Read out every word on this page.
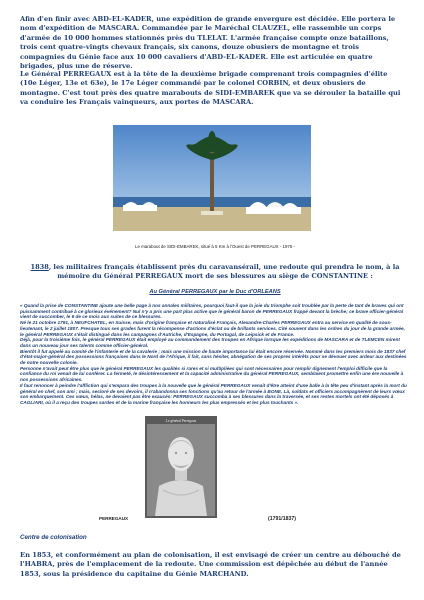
Afin d'en finir avec ABD-EL-KADER, une expédition de grande envergure est décidée. Elle portera le nom d'expédition de MASCARA. Commandée par le Maréchal CLAUZEL, elle rassemble un corps d'armée de 10 000 hommes stationnés près du TLELAT. L'armée française compte onze bataillons, trois cent quatre-vingts chevaux français, six canons, douze obusiers de montagne et trois compagnies du Génie face aux 10 000 cavaliers d'ABD-EL-KADER. Elle est articulée en quatre brigades, plus une de réserve.
Le Général PERREGAUX est à la tête de la deuxième brigade comprenant trois compagnies d'élite (10e Léger, 13e et 63e), le 17e Léger commandé par le colonel CORBIN, et deux obusiers de montagne. C'est tout près des quatre marabouts de SIDI-EMBAREK que va se dérouler la bataille qui va conduire les Français vainqueurs, aux portes de MASCARA.
Le marabout de SIDI-EMBAREK, situé à 5 Km à l'Ouest de PERREGAUX - 1975 -
1838, les militaires français établissent près du caravansérail, une redoute qui prendra le nom, à la mémoire du Général PERREGAUX mort de ses blessures au siège de CONSTANTINE :
Au Général PERREGAUX par le Duc d'ORLEANS

« Quand la prise de CONSTANTINE ajoute une belle page à nos annales militaires, pourquoi faut-il que la joie du triomphe soit troublée par la perte de tant de braves qui ont puissamment contribué à ce glorieux événement? Nul n'y a pris une part plus active que le général baron de PERREGAUX frappé devant la brèche; ce brave officier-général vient de succomber, le 6 de ce mois aux suites de ce blessures.

Né le 21 octobre 1791, à NEUFCHATEL, en Suisse, mais d'origine française et naturalisé Français, Alexandre-Charles PERREGAUX entra au service en qualité de sous-lieutenant, le 2 juillet 1807. Presque tous ses grades furent la récompense d'actions d'éclat ou de brillants services. Cité souvent dans les ordres du jour de la grande armée, le général PERREGAUX s'était distingué dans les campagnes d'Autriche, d'Espagne, du Portugal, de Leipsick et de France.

Déjà, pour la troisième fois, le général PERREGAUX était employé au commandement des troupes en Afrique lorsque les expéditions de MASCARA et de TLEMCEN mirent dans un nouveau jour ses talents comme officier-général.

Bientôt il fut appelé au comité de l'infanterie et de la cavalerie ; mais une mission de haute importance lui était encore réservée. Nommé dans les premiers mois de 1837 chef d'état-major-général des possessions françaises dans le Nord de l'Afrique, il fait, sans hésiter, abnégation de ses propres intérêts pour se dévouer avec ardeur aux destinées de notre nouvelle colonie.

Personne n'avait peut être plus que le général PERREGAUX les qualités si rares et si multipliées qui sont nécessaires pour remplir dignement l'emploi difficile que la confiance du roi venait de lui conférer. La fermeté, le désintéressement et la capacité administrative du général PERREGAUX, semblaient promettre enfin une ère nouvelle à nos possessions africaines.

Il faut renoncer à peindre l'affliction qui s'empara des troupes à la nouvelle que le général PERREGAUX venait d'être atteint d'une balle à la tête peu d'instant après la mort du général en chef, son ami ; mais, secloré de ses devoirs, il n'abandonna ses fonctions qu'au retour de l'armée à BONE. Là, soldats et officiers accompagnèrent de leurs vœux son embarquement. Ces vœux, hélas, ne devaient pas être exaucés: PERREGAUX succomba à ses blessures dans la traversée, et ses restes mortels ont été déposés à CAGLIARI, où il a reçu des troupes sardes et de la marine française les honneurs les plus empressés et les plus touchants ».

Le général Perregaux
PERREGAUX	(1791/1837)
Centre de colonisation
En 1853, et conformément au plan de colonisation, il est envisagé de créer un centre au débouché de l'HABRA, près de l'emplacement de la redoute. Une commission est dépêchée au début de l'année 1853, sous la présidence du capitaine du Génie MARCHAND.
